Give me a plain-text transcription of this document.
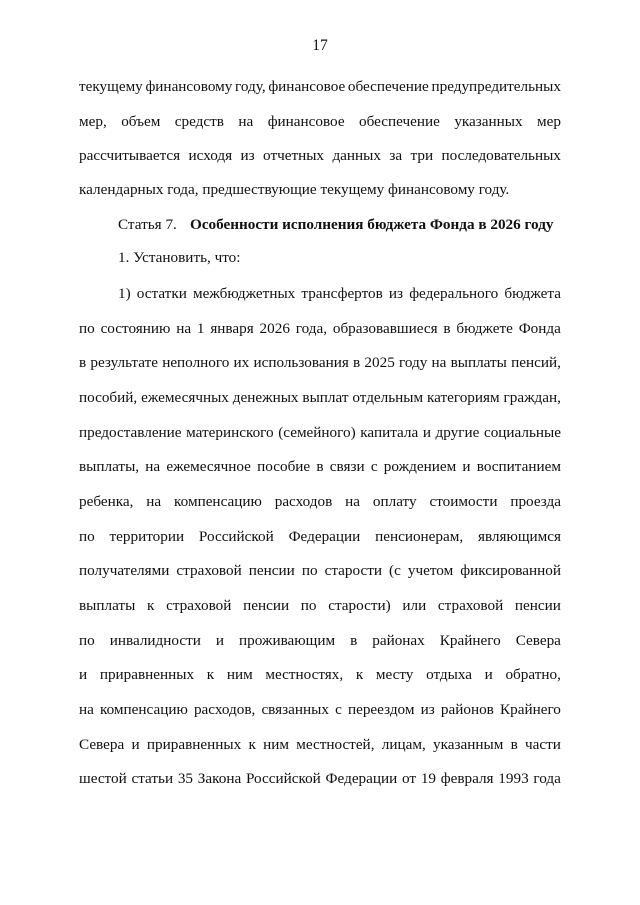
17
текущему финансовому году, финансовое обеспечение предупредительных
мер, объем средств на финансовое обеспечение указанных мер
рассчитывается исходя из отчетных данных за три последовательных
календарных года, предшествующие текущему финансовому году.
Статья 7. Особенности исполнения бюджета Фонда в 2026 году
1. Установить, что:
1) остатки межбюджетных трансфертов из федерального бюджета
по состоянию на 1 января 2026 года, образовавшиеся в бюджете Фонда
в результате неполного их использования в 2025 году на выплаты пенсий,
пособий, ежемесячных денежных выплат отдельным категориям граждан,
предоставление материнского (семейного) капитала и другие социальные
выплаты, на ежемесячное пособие в связи с рождением и воспитанием
ребенка, на компенсацию расходов на оплату стоимости проезда
по территории Российской Федерации пенсионерам, являющимся
получателями страховой пенсии по старости (с учетом фиксированной
выплаты к страховой пенсии по старости) или страховой пенсии
по инвалидности и проживающим в районах Крайнего Севера
и приравненных к ним местностях, к месту отдыха и обратно,
на компенсацию расходов, связанных с переездом из районов Крайнего
Севера и приравненных к ним местностей, лицам, указанным в части
шестой статьи 35 Закона Российской Федерации от 19 февраля 1993 года
